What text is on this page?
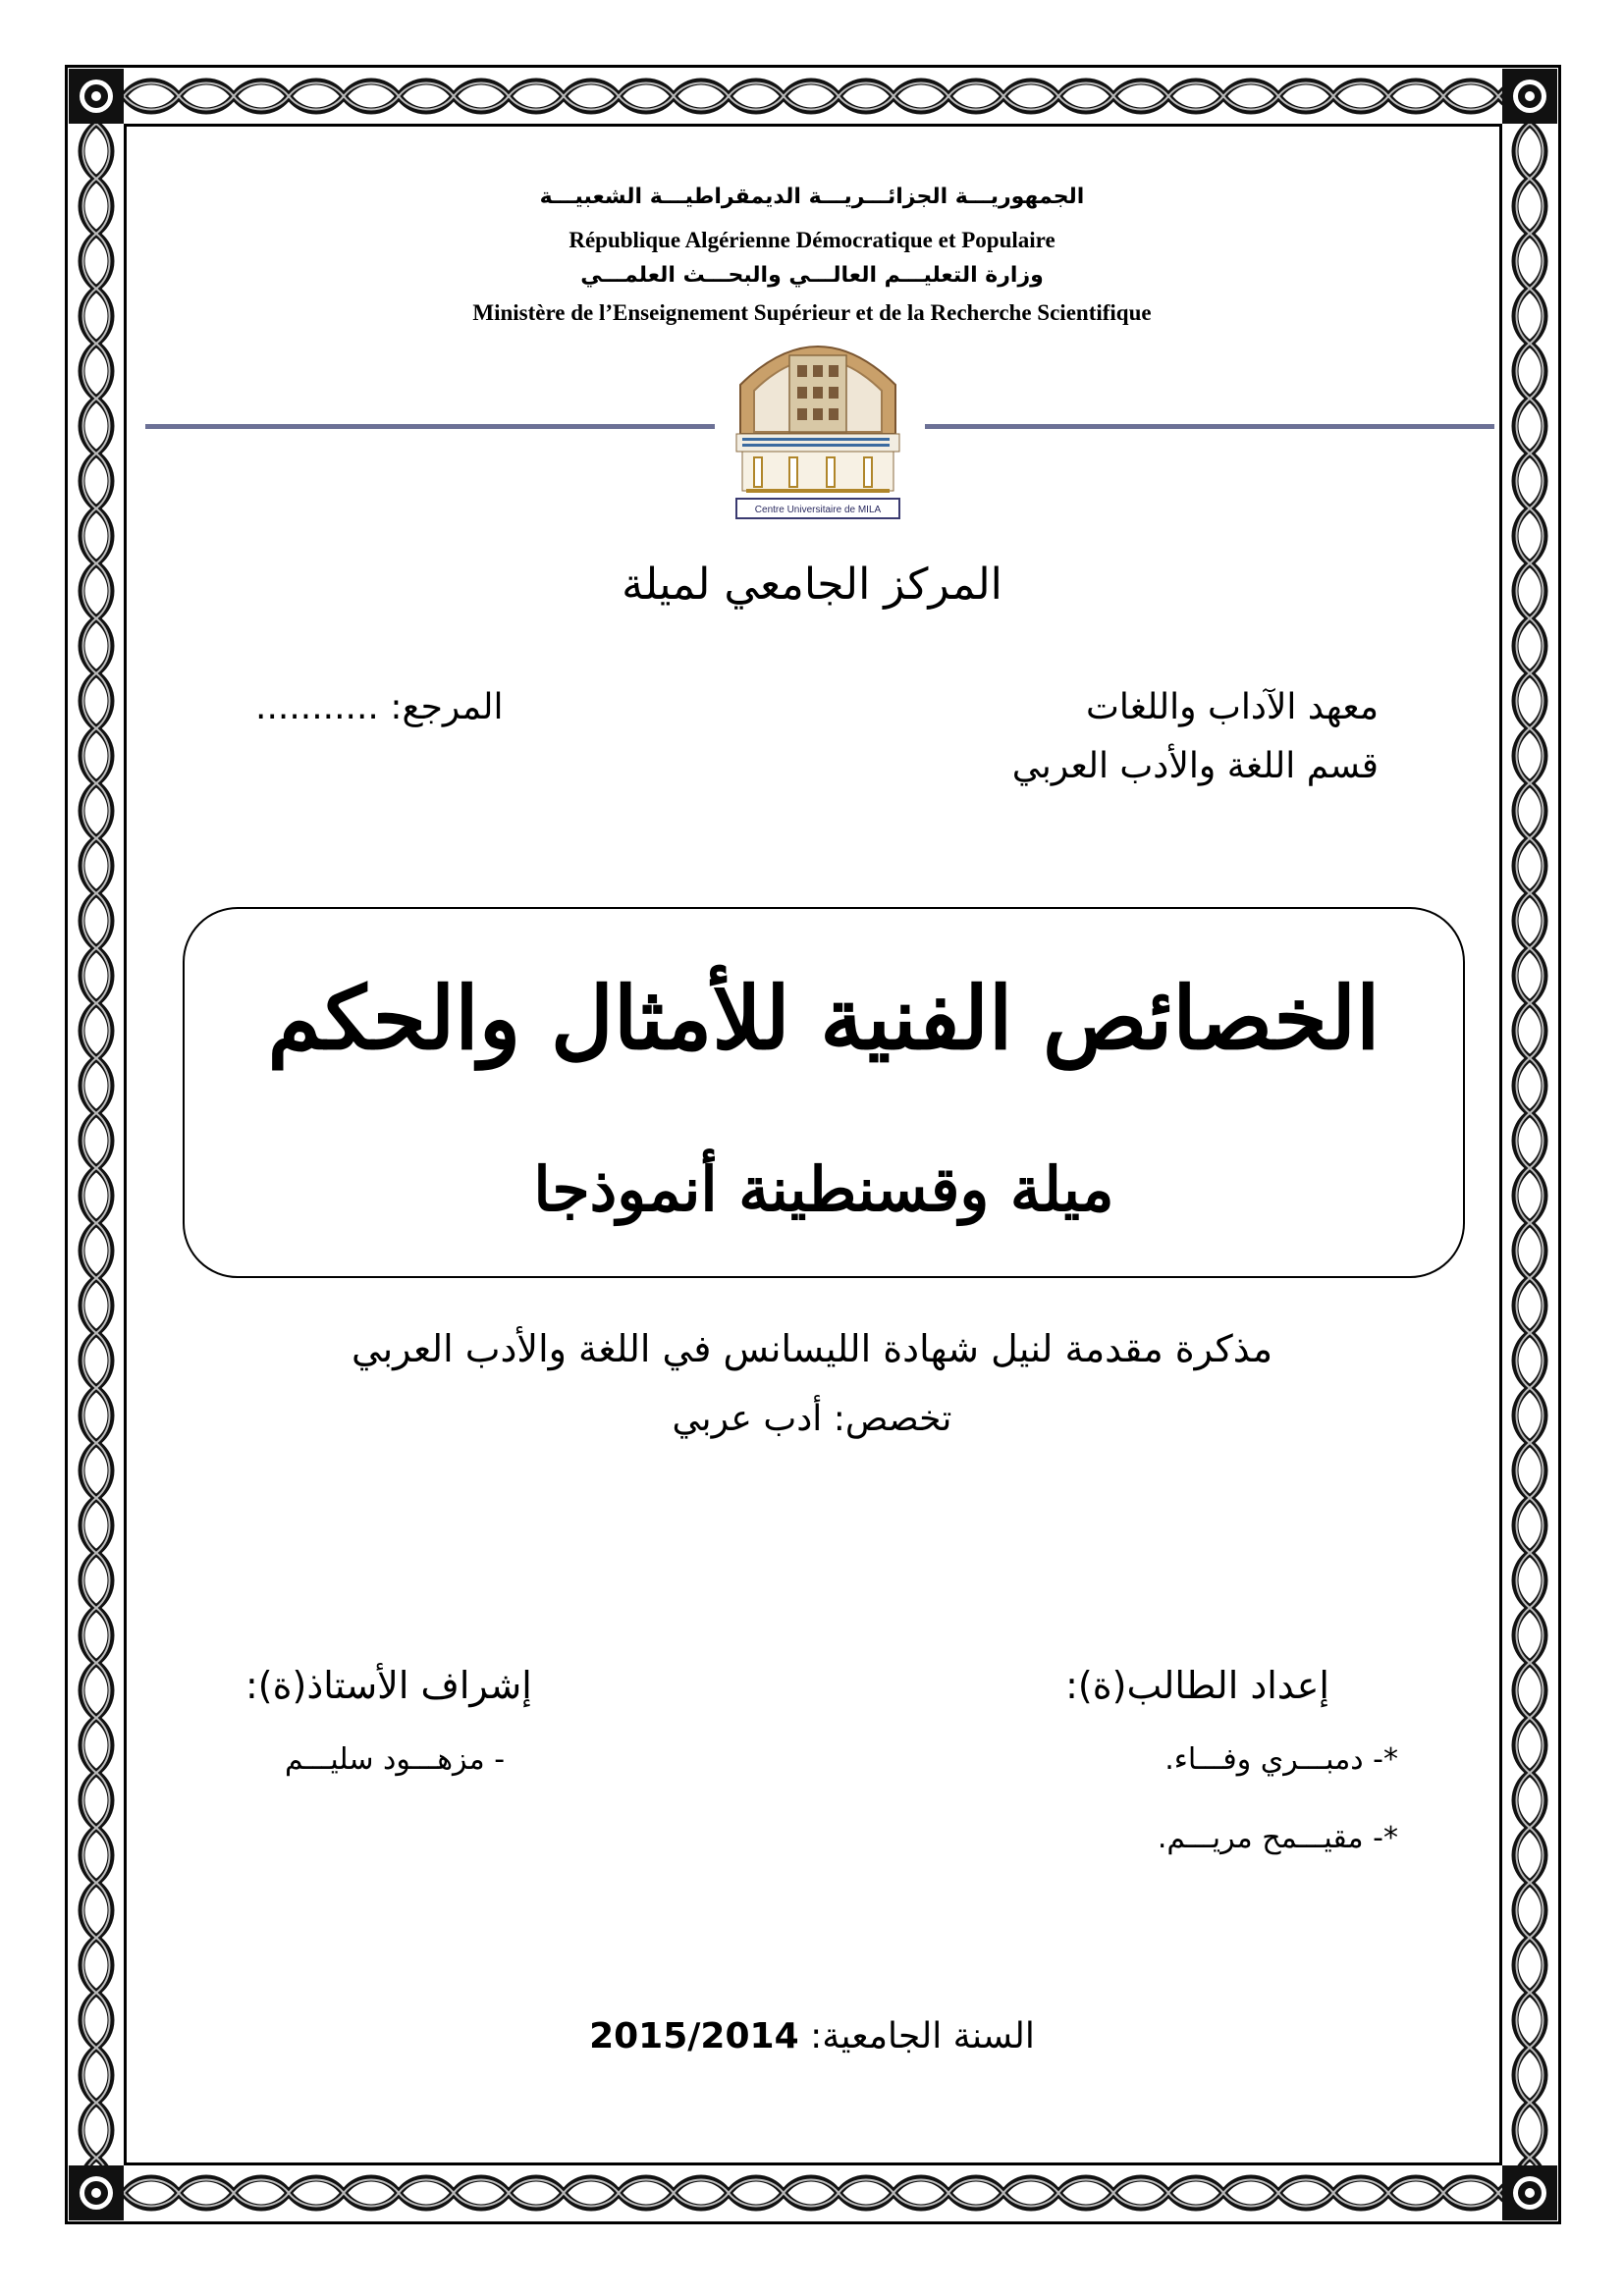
الجمهوريـــة الجزائـــريـــة الديمقراطيـــة الشعبيـــة
République Algérienne Démocratique et Populaire
وزارة التعليـــم العالـــي والبحـــث العلمـــي
Ministère de l’Enseignement Supérieur et de la Recherche Scientifique
Centre Universitaire de MILA
المركز الجامعي لميلة
معهد الآداب واللغات
قسم اللغة والأدب العربي
المرجع: ...........
الخصائص الفنية للأمثال والحكم
ميلة وقسنطينة أنموذجا
مذكرة مقدمة لنيل شهادة الليسانس في اللغة والأدب العربي
تخصص: أدب عربي
إعداد الطالب(ة):
إشراف الأستاذ(ة):
*- دمبـــري وفـــاء.
*- مقيـــمح مريـــم.
- مزهـــود سليـــم
السنة الجامعية: 2015/2014
